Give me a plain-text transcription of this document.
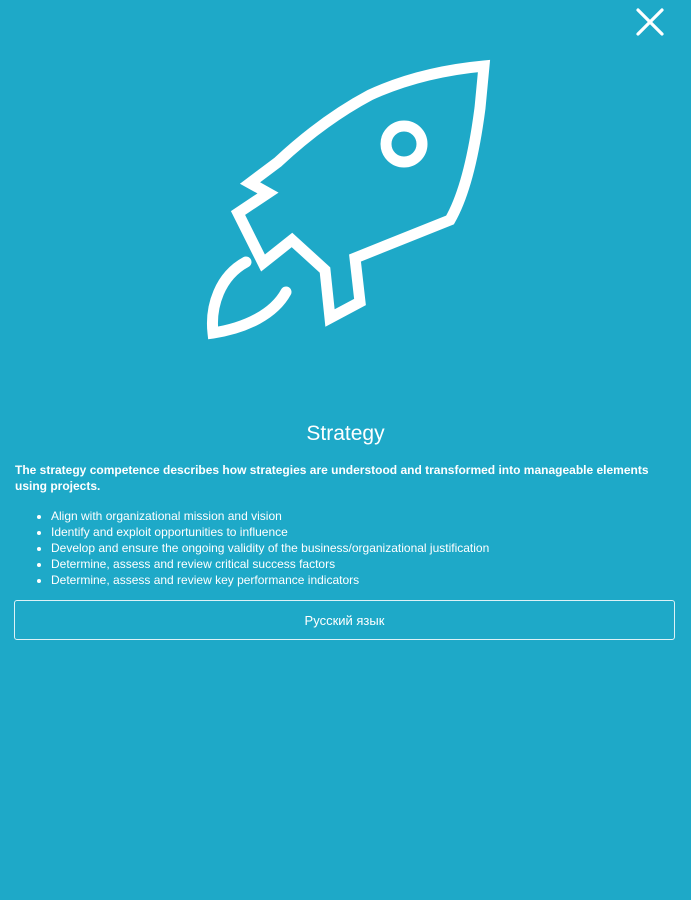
Strategy

The strategy competence describes how strategies are understood and transformed into manageable elements using projects.

• Align with organizational mission and vision
• Identify and exploit opportunities to influence
• Develop and ensure the ongoing validity of the business/organizational justification
• Determine, assess and review critical success factors
• Determine, assess and review key performance indicators
Русский язык
